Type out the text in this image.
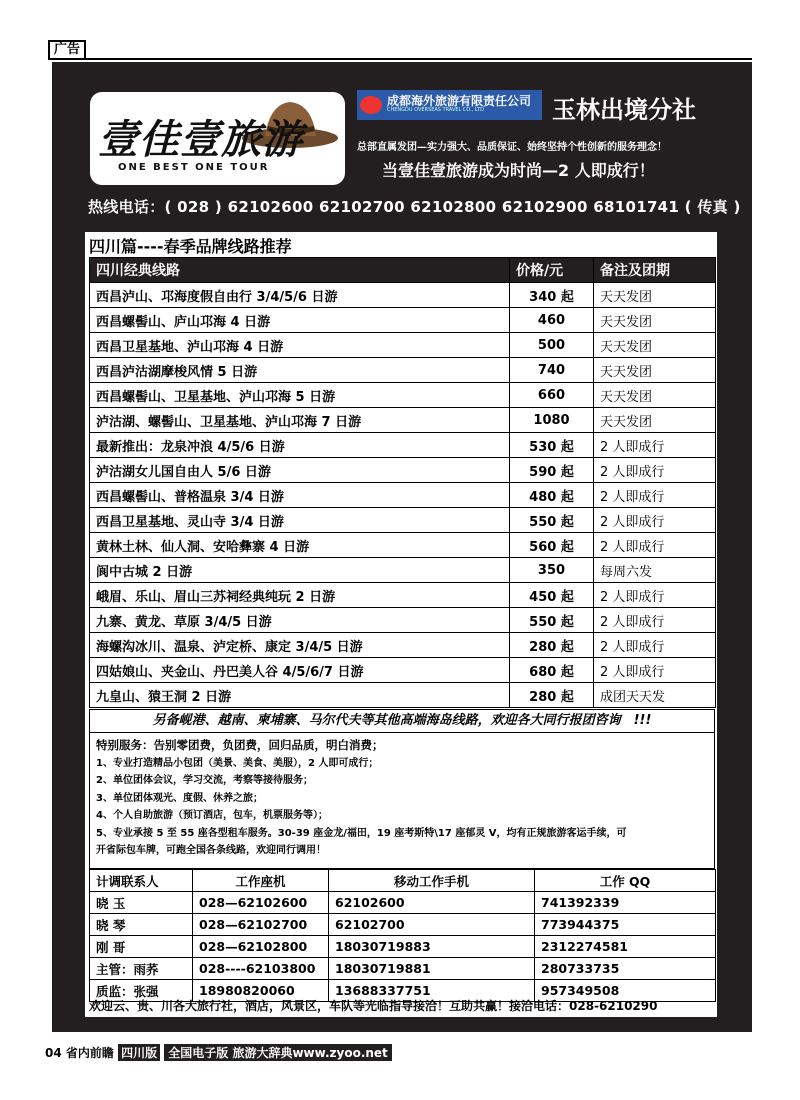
广告
壹佳壹旅游
ONE BEST ONE TOUR
成都海外旅游有限责任公司
CHENGDU OVERSEAS TRAVEL CO., LTD	玉林出境分社
总部直属发团—实力强大、品质保证、始终坚持个性创新的服务理念！
当壹佳壹旅游成为时尚—2 人即成行！
热线电话：( 028 ) 62102600 62102700 62102800 62102900 68101741 ( 传真 )
四川篇----春季品牌线路推荐
四川经典线路	价格/元	备注及团期
西昌泸山、邛海度假自由行 3/4/5/6 日游	340 起	天天发团
西昌螺髻山、庐山邛海 4 日游	460	天天发团
西昌卫星基地、泸山邛海 4 日游	500	天天发团
西昌泸沽湖摩梭风情 5 日游	740	天天发团
西昌螺髻山、卫星基地、泸山邛海 5 日游	660	天天发团
泸沽湖、螺髻山、卫星基地、泸山邛海 7 日游	1080	天天发团
最新推出：龙泉冲浪 4/5/6 日游	530 起	2 人即成行
泸沽湖女儿国自由人 5/6 日游	590 起	2 人即成行
西昌螺髻山、普格温泉 3/4 日游	480 起	2 人即成行
西昌卫星基地、灵山寺 3/4 日游	550 起	2 人即成行
黄林土林、仙人洞、安哈彝寨 4 日游	560 起	2 人即成行
阆中古城 2 日游	350	每周六发
峨眉、乐山、眉山三苏祠经典纯玩 2 日游	450 起	2 人即成行
九寨、黄龙、草原 3/4/5 日游	550 起	2 人即成行
海螺沟冰川、温泉、泸定桥、康定 3/4/5 日游	280 起	2 人即成行
四姑娘山、夹金山、丹巴美人谷 4/5/6/7 日游	680 起	2 人即成行
九皇山、猿王洞 2 日游	280 起	成团天天发
另备岘港、越南、柬埔寨、马尔代夫等其他高端海岛线路，欢迎各大同行报团咨询　!!!
特别服务：告别零团费，负团费，回归品质，明白消费；
1、专业打造精品小包团（美景、美食、美服），2 人即可成行；
2、单位团体会议，学习交流，考察等接待服务；
3、单位团体观光、度假、休养之旅；
4、个人自助旅游（预订酒店，包车，机票服务等）；
5、专业承接 5 至 55 座各型租车服务。30-39 座金龙/福田，19 座考斯特\17 座郁灵 V，均有正规旅游客运手续，可
开省际包车牌，可跑全国各条线路，欢迎同行调用！
计调联系人	工作座机	移动工作手机	工作 QQ
晓 玉	028—62102600	62102600	741392339
晓 琴	028—62102700	62102700	773944375
刚 哥	028—62102800	18030719883	2312274581
主管：雨荞	028----62103800	18030719881	280733735
质监：张强	18980820060	13688337751	957349508
欢迎云、贵、川各大旅行社，酒店，风景区，车队等光临指导接洽！互助共赢！接洽电话：028-6210290
04 省内前瞻 四川版 全国电子版 旅游大辞典www.zyoo.net
